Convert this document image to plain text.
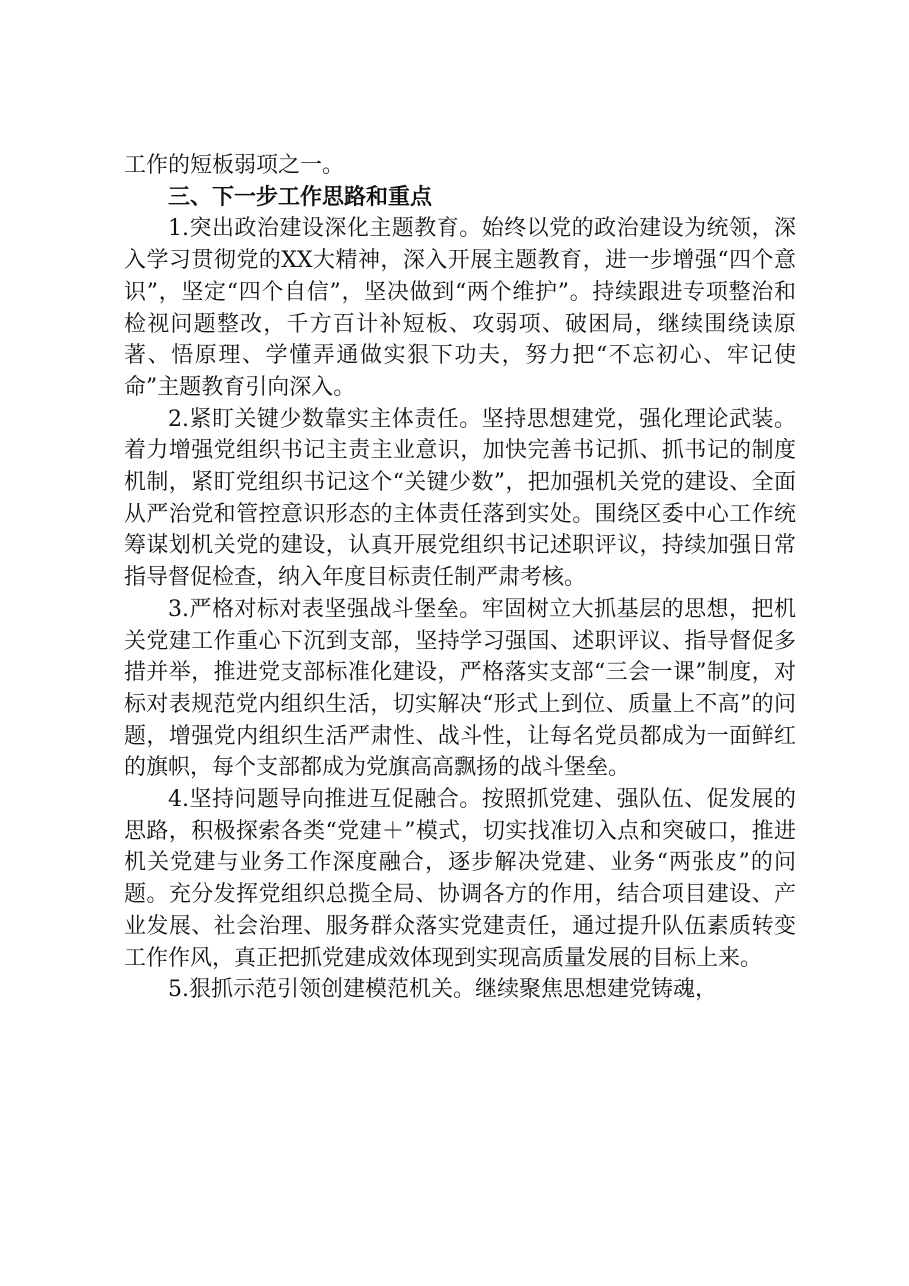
工作的短板弱项之一。

三、下一步工作思路和重点

1.突出政治建设深化主题教育。始终以党的政治建设为统领，深入学习贯彻党的XX大精神，深入开展主题教育，进一步增强“四个意识”，坚定“四个自信”，坚决做到“两个维护”。持续跟进专项整治和检视问题整改，千方百计补短板、攻弱项、破困局，继续围绕读原著、悟原理、学懂弄通做实狠下功夫，努力把“不忘初心、牢记使命”主题教育引向深入。

2.紧盯关键少数靠实主体责任。坚持思想建党，强化理论武装。着力增强党组织书记主责主业意识，加快完善书记抓、抓书记的制度机制，紧盯党组织书记这个“关键少数”，把加强机关党的建设、全面从严治党和管控意识形态的主体责任落到实处。围绕区委中心工作统筹谋划机关党的建设，认真开展党组织书记述职评议，持续加强日常指导督促检查，纳入年度目标责任制严肃考核。

3.严格对标对表坚强战斗堡垒。牢固树立大抓基层的思想，把机关党建工作重心下沉到支部，坚持学习强国、述职评议、指导督促多措并举，推进党支部标准化建设，严格落实支部“三会一课”制度，对标对表规范党内组织生活，切实解决“形式上到位、质量上不高”的问题，增强党内组织生活严肃性、战斗性，让每名党员都成为一面鲜红的旗帜，每个支部都成为党旗高高飘扬的战斗堡垒。

4.坚持问题导向推进互促融合。按照抓党建、强队伍、促发展的思路，积极探索各类“党建＋”模式，切实找准切入点和突破口，推进机关党建与业务工作深度融合，逐步解决党建、业务“两张皮”的问题。充分发挥党组织总揽全局、协调各方的作用，结合项目建设、产业发展、社会治理、服务群众落实党建责任，通过提升队伍素质转变工作作风，真正把抓党建成效体现到实现高质量发展的目标上来。

5.狠抓示范引领创建模范机关。继续聚焦思想建党铸魂，
